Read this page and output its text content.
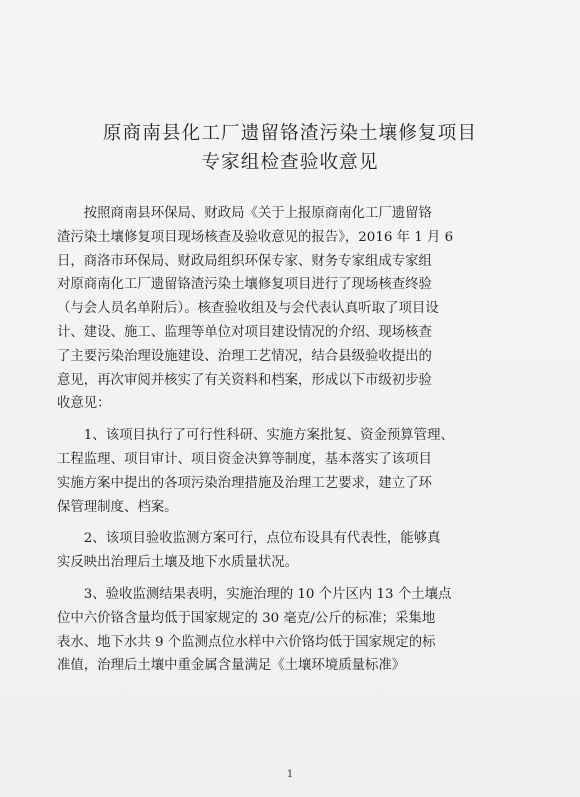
原商南县化工厂遗留铬渣污染土壤修复项目
专家组检查验收意见
　　按照商南县环保局、财政局《关于上报原商南化工厂遗留铬
渣污染土壤修复项目现场核查及验收意见的报告》，2016 年 1 月 6
日，商洛市环保局、财政局组织环保专家、财务专家组成专家组
对原商南化工厂遗留铬渣污染土壤修复项目进行了现场核查终验
（与会人员名单附后）。核查验收组及与会代表认真听取了项目设
计、建设、施工、监理等单位对项目建设情况的介绍、现场核查
了主要污染治理设施建设、治理工艺情况，结合县级验收提出的
意见，再次审阅并核实了有关资料和档案，形成以下市级初步验
收意见：
　　1、该项目执行了可行性科研、实施方案批复、资金预算管理、
工程监理、项目审计、项目资金决算等制度，基本落实了该项目
实施方案中提出的各项污染治理措施及治理工艺要求，建立了环
保管理制度、档案。
　　2、该项目验收监测方案可行，点位布设具有代表性，能够真
实反映出治理后土壤及地下水质量状况。
　　3、验收监测结果表明，实施治理的 10 个片区内 13 个土壤点
位中六价铬含量均低于国家规定的 30 毫克/公斤的标准；采集地
表水、地下水共 9 个监测点位水样中六价铬均低于国家规定的标
准值，治理后土壤中重金属含量满足《土壤环境质量标准》
1
